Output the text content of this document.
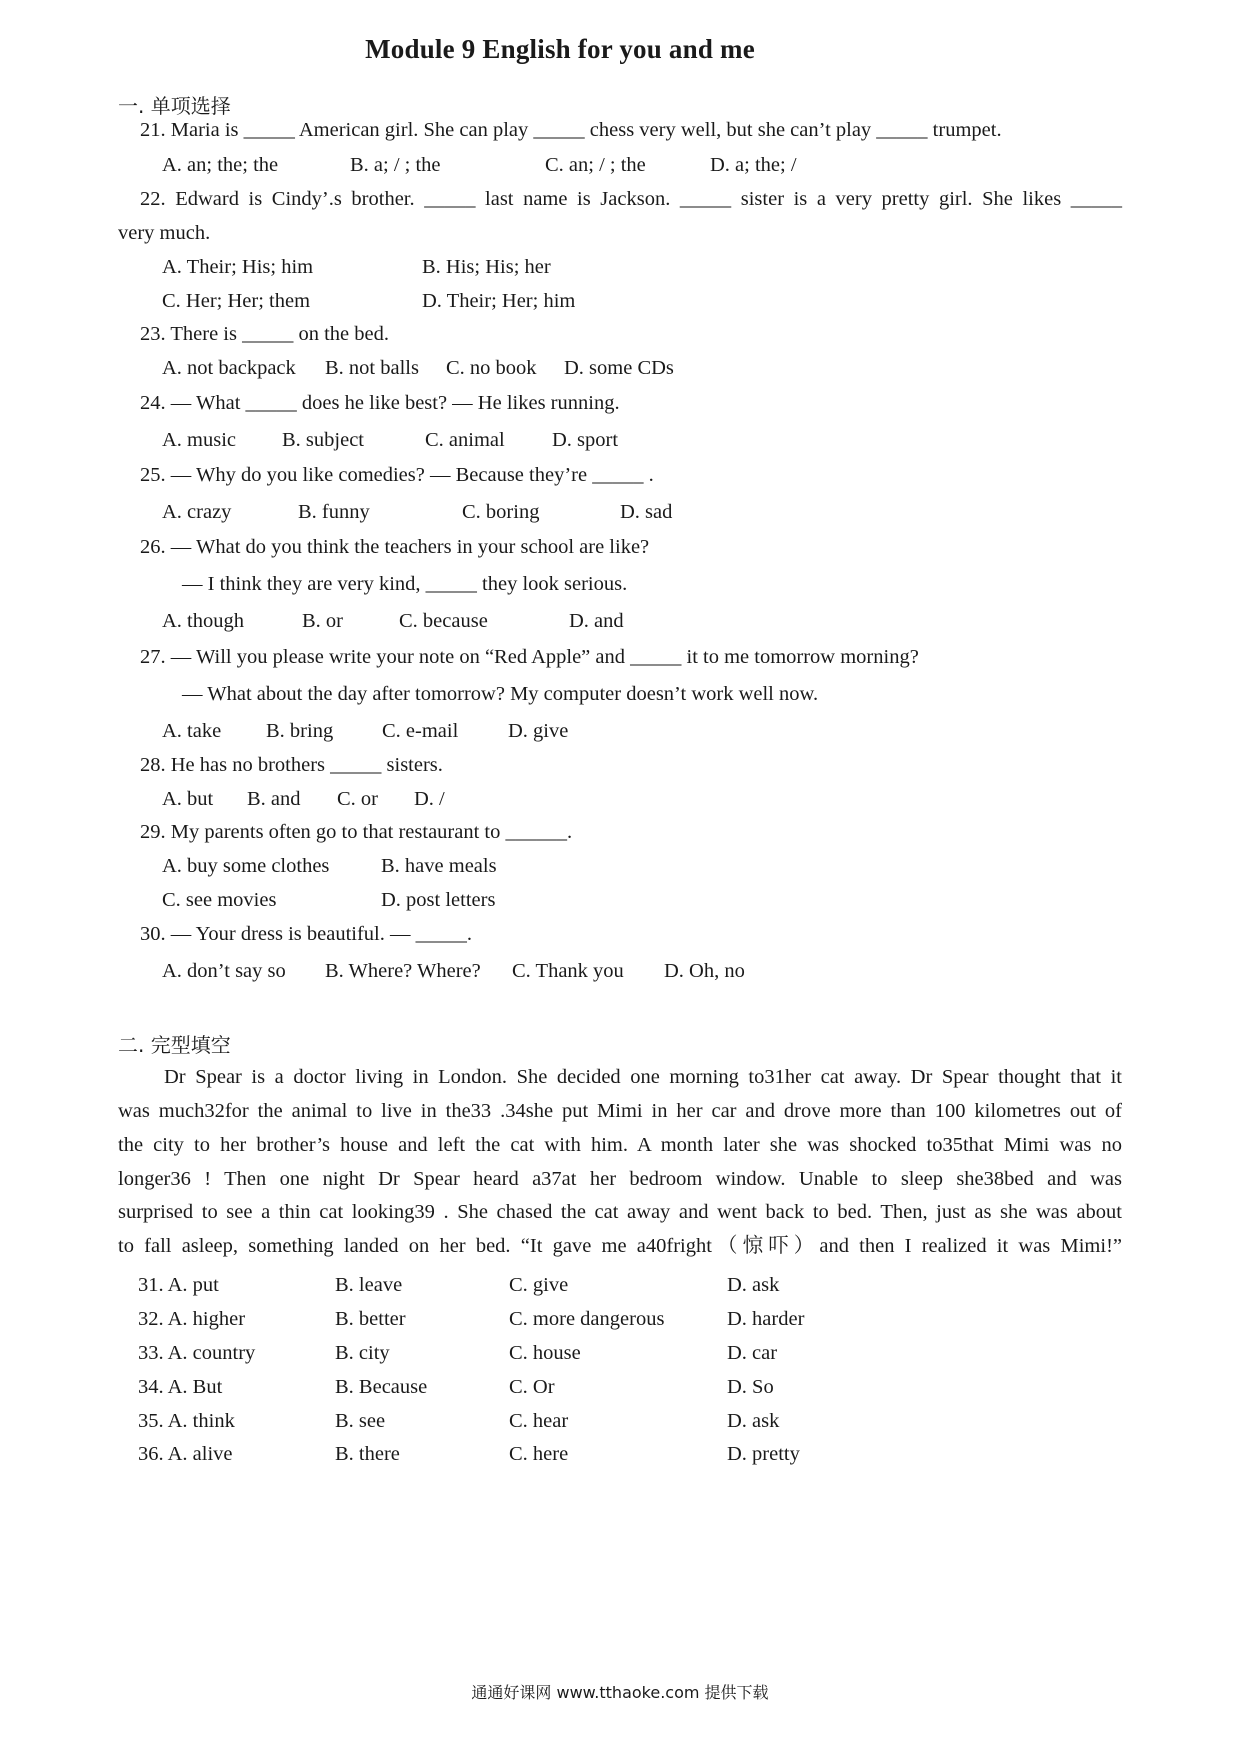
Module 9 English for you and me
一. 单项选择
21. Maria is _____ American girl. She can play _____ chess very well, but she can’t play _____ trumpet.
A. an; the; the	B. a; / ; the	C. an; / ; the	D. a; the; /
22. Edward is Cindy’.s brother. _____ last name is Jackson. _____ sister is a very pretty girl. She likes _____
very much.
A. Their; His; him	B. His; His; her
C. Her; Her; them	D. Their; Her; him
23. There is _____ on the bed.
A. not backpack B. not balls C. no book D. some CDs
24. — What _____ does he like best? — He likes running.
A. music B. subject	C. animal D. sport
25. — Why do you like comedies? — Because they’re _____ .
A. crazy	B. funny	C. boring	D. sad
26. — What do you think the teachers in your school are like?
— I think they are very kind, _____ they look serious.
A. though	B. or	C. because	D. and
27. — Will you please write your note on “Red Apple” and _____ it to me tomorrow morning?
— What about the day after tomorrow? My computer doesn’t work well now.
A. take B. bring C. e-mail D. give
28. He has no brothers _____ sisters.
A. but B. and C. or D. /
29. My parents often go to that restaurant to ______.
A. buy some clothes	B. have meals
C. see movies	D. post letters
30. — Your dress is beautiful. — _____.
A. don’t say so B. Where? Where? C. Thank you D. Oh, no
二. 完型填空
Dr Spear is a doctor living in London. She decided one morning to31her cat away. Dr Spear thought that it
was much32for the animal to live in the33 .34she put Mimi in her car and drove more than 100 kilometres out of
the city to her brother’s house and left the cat with him. A month later she was shocked to35that Mimi was no
longer36 ! Then one night Dr Spear heard a37at her bedroom window. Unable to sleep she38bed and was
surprised to see a thin cat looking39 . She chased the cat away and went back to bed. Then, just as she was about
to fall asleep, something landed on her bed. “It gave me a40fright（惊吓）and then I realized it was Mimi!”
31. A. put	B. leave	C. give	D. ask
32. A. higher	B. better	C. more dangerous	D. harder
33. A. country	B. city	C. house	D. car
34. A. But	B. Because	C. Or	D. So
35. A. think	B. see	C. hear	D. ask
36. A. alive	B. there	C. here	D. pretty
通通好课网 www.tthaoke.com 提供下载
